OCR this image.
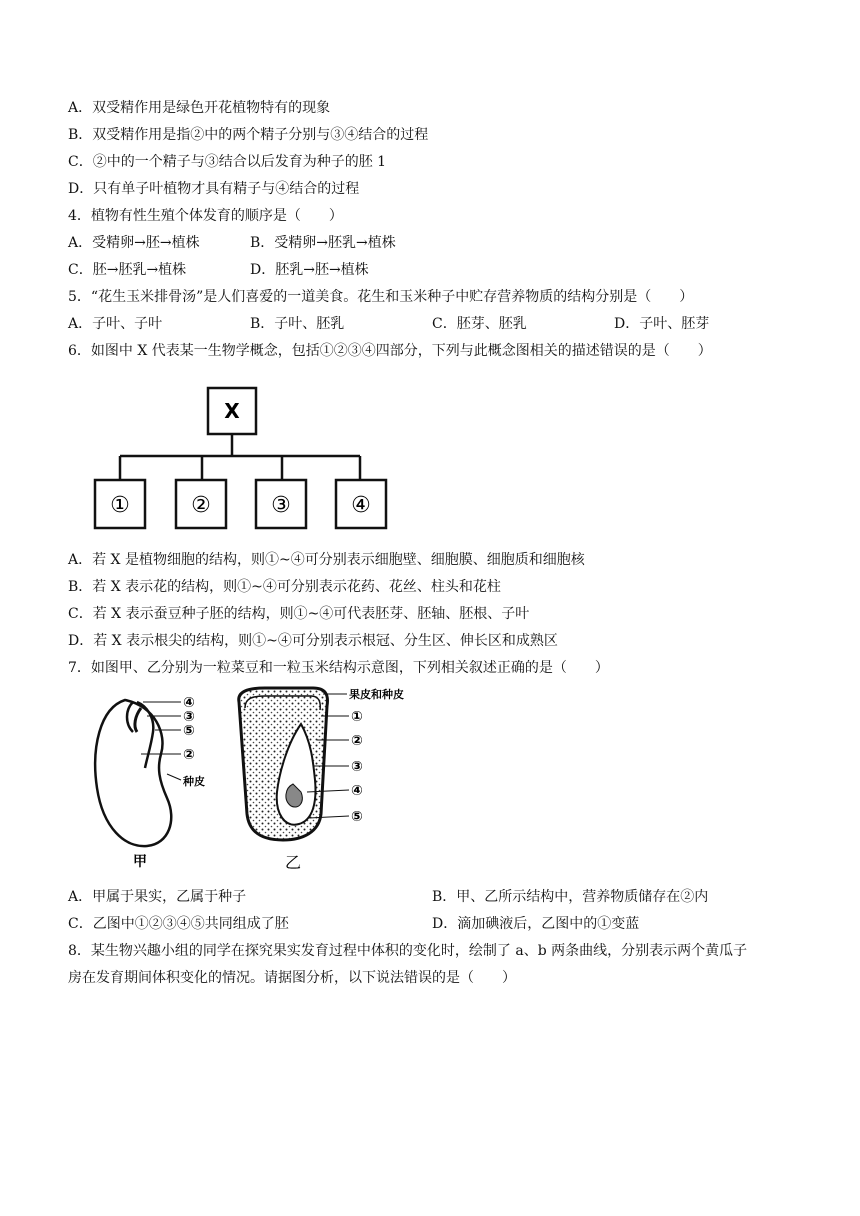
A．双受精作用是绿色开花植物特有的现象
B．双受精作用是指②中的两个精子分别与③④结合的过程
C．②中的一个精子与③结合以后发育为种子的胚 1
D．只有单子叶植物才具有精子与④结合的过程
4．植物有性生殖个体发育的顺序是（　　）
A．受精卵→胚→植株	B．受精卵→胚乳→植株
C．胚→胚乳→植株	D．胚乳→胚→植株
5．“花生玉米排骨汤”是人们喜爱的一道美食。花生和玉米种子中贮存营养物质的结构分别是（　　）
A．子叶、子叶	B．子叶、胚乳	C．胚芽、胚乳	D．子叶、胚芽
6．如图中 X 代表某一生物学概念，包括①②③④四部分，下列与此概念图相关的描述错误的是（　　）
X
①	②	③	④
A．若 X 是植物细胞的结构，则①~④可分别表示细胞壁、细胞膜、细胞质和细胞核
B．若 X 表示花的结构，则①~④可分别表示花药、花丝、柱头和花柱
C．若 X 表示蚕豆种子胚的结构，则①~④可代表胚芽、胚轴、胚根、子叶
D．若 X 表示根尖的结构，则①~④可分别表示根冠、分生区、伸长区和成熟区
7．如图甲、乙分别为一粒菜豆和一粒玉米结构示意图，下列相关叙述正确的是（　　）
④
③
⑤
②
种皮
甲
果皮和种皮
①
②
③
④
⑤
乙
A．甲属于果实，乙属于种子	B．甲、乙所示结构中，营养物质储存在②内
C．乙图中①②③④⑤共同组成了胚	D．滴加碘液后，乙图中的①变蓝
8．某生物兴趣小组的同学在探究果实发育过程中体积的变化时，绘制了 a、b 两条曲线，分别表示两个黄瓜子
房在发育期间体积变化的情况。请据图分析，以下说法错误的是（　　）
